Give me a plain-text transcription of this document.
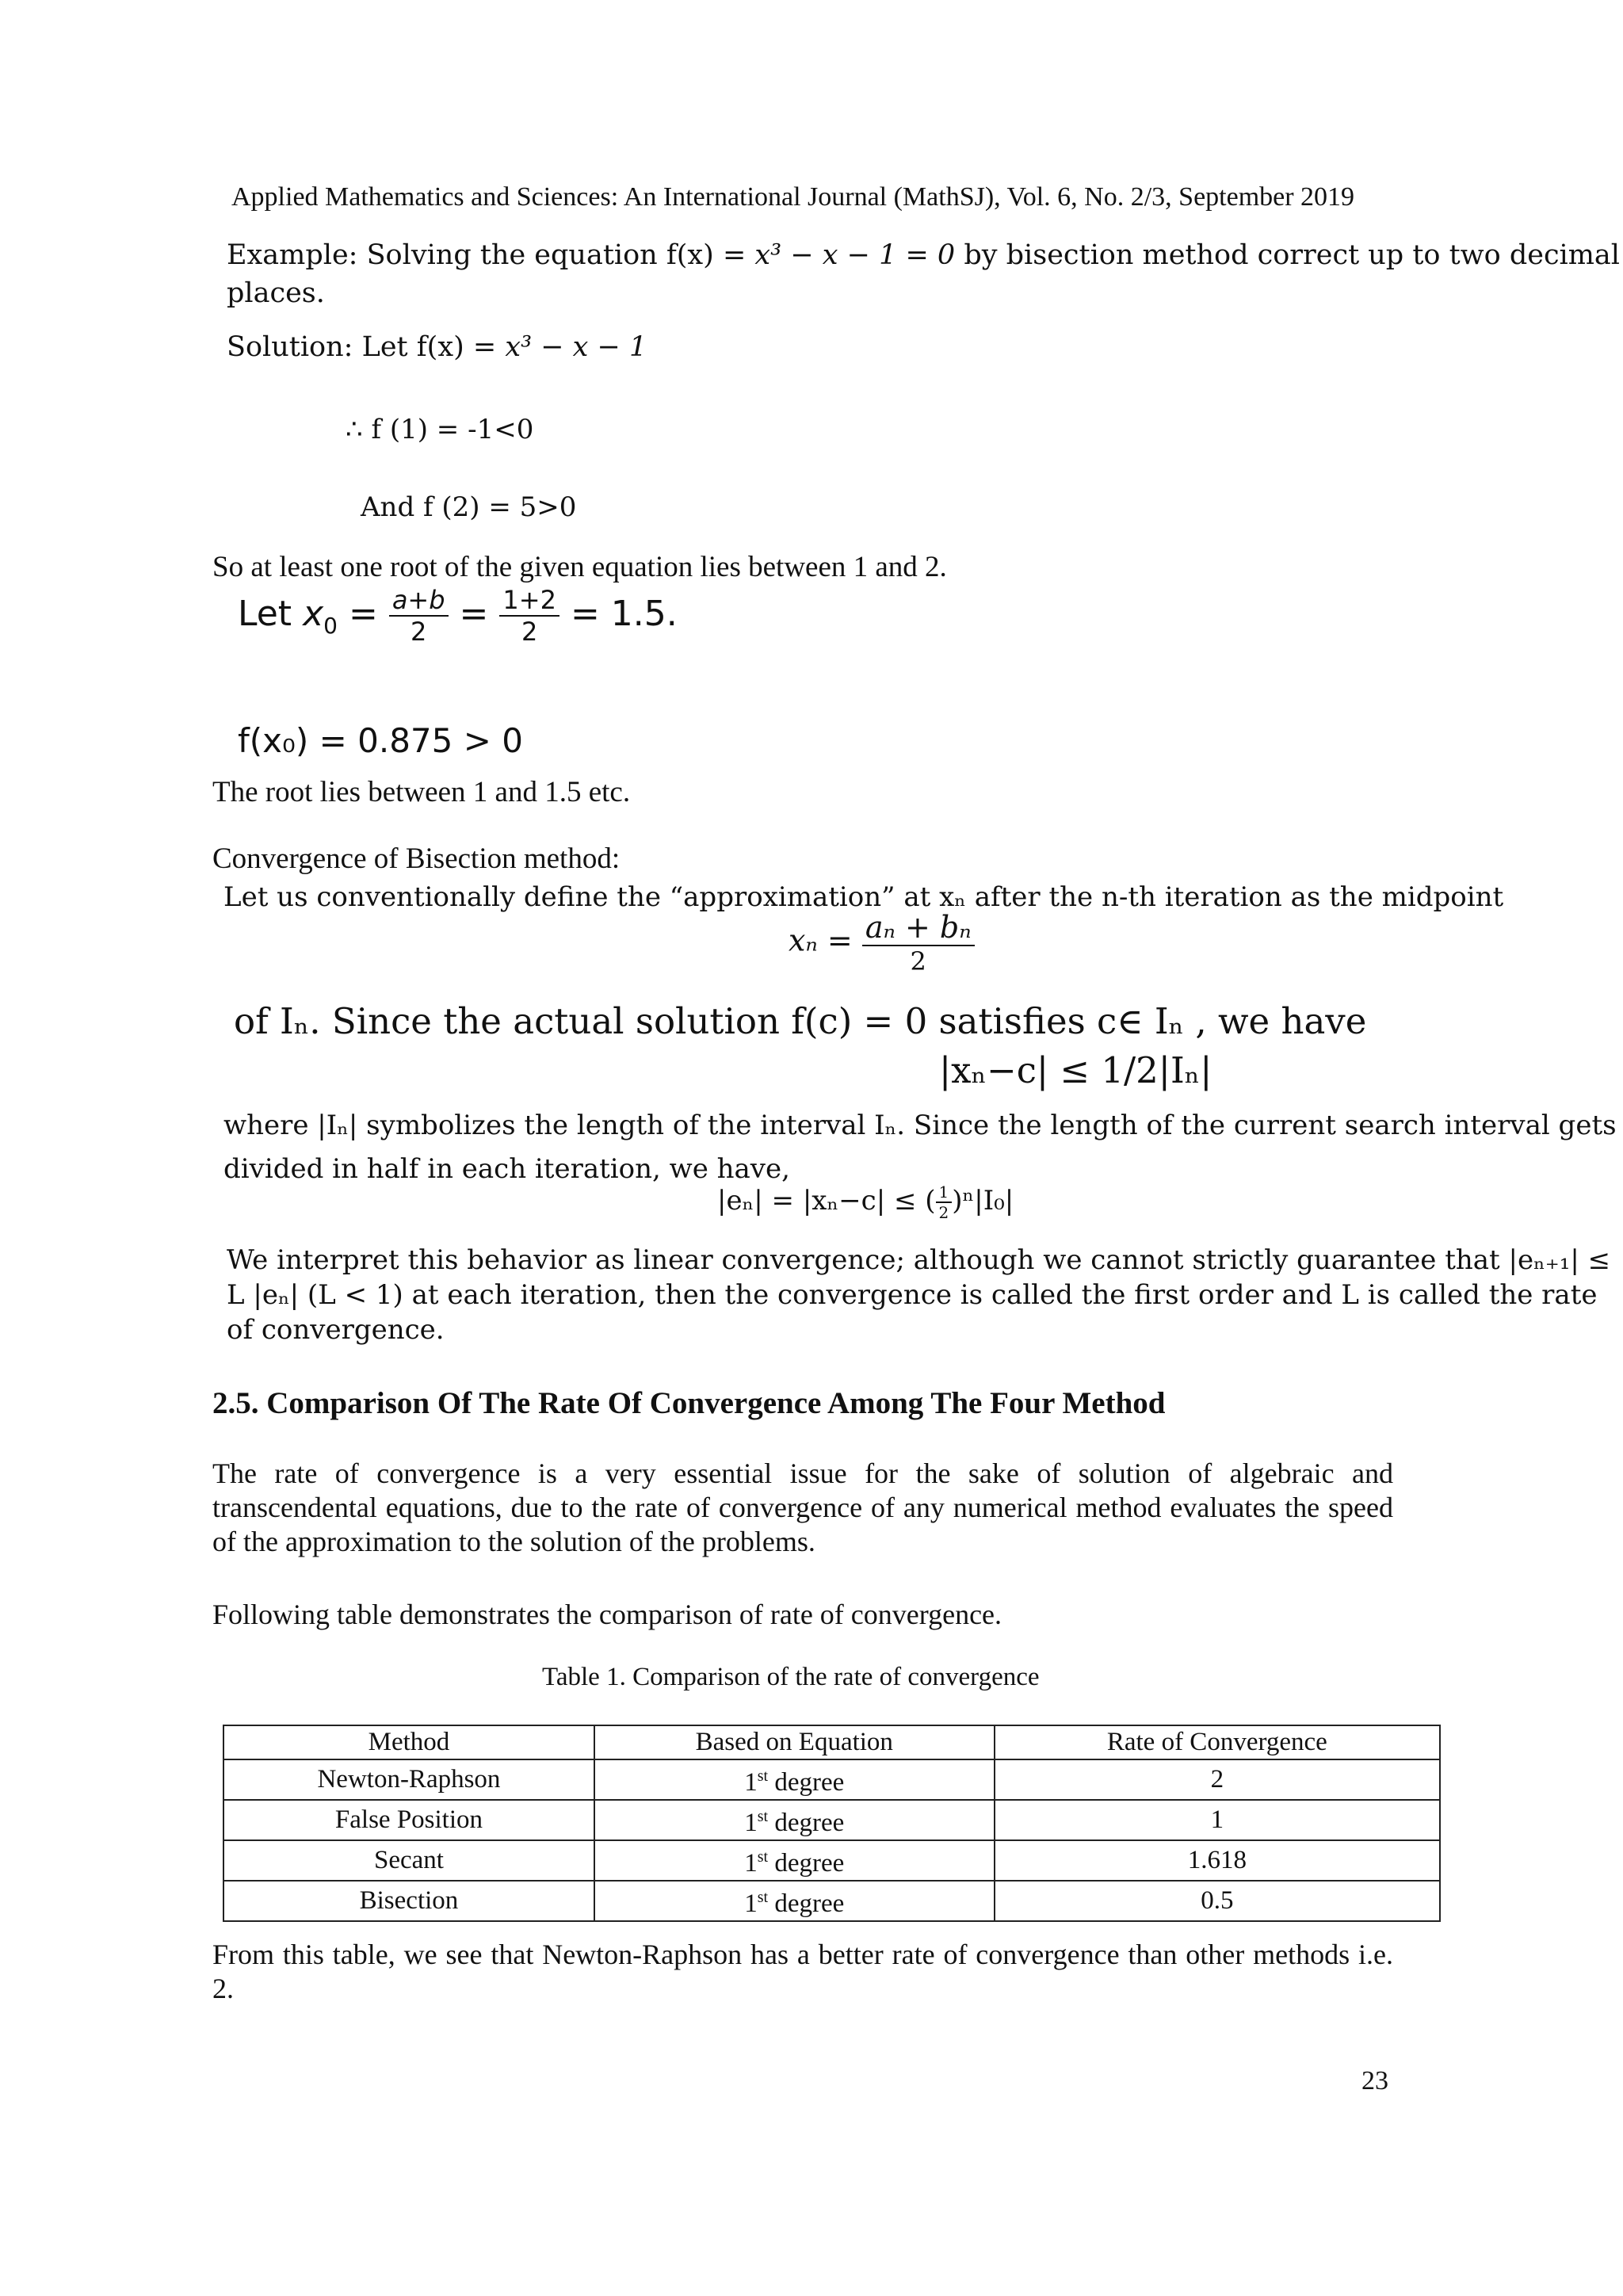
Applied Mathematics and Sciences: An International Journal (MathSJ), Vol. 6, No. 2/3, September 2019
Example: Solving the equation f(x) = x³ − x − 1 = 0 by bisection method correct up to two decimal
places.
Solution: Let f(x) = x³ − x − 1
∴ f (1) = -1<0
And f (2) = 5>0
So at least one root of the given equation lies between 1 and 2.
Let $x_0 = \frac{a+b}{2} = \frac{1+2}{2} = 1.5$.
f(x₀) = 0.875 > 0
The root lies between 1 and 1.5 etc.
Convergence of Bisection method:
Let us conventionally define the “approximation” at xₙ after the n-th iteration as the midpoint
$x_n = \frac{\text{aₙ + bₙ}}{2}$
of Iₙ. Since the actual solution f(c) = 0 satisfies c∈ Iₙ , we have
|xₙ−c| ≤ 1/2|Iₙ|
where |Iₙ| symbolizes the length of the interval Iₙ. Since the length of the current search interval gets
divided in half in each iteration, we have,
|eₙ| = |xₙ−c| ≤ ( $\frac{1}{2} )^n|I_0|$
We interpret this behavior as linear convergence; although we cannot strictly guarantee that |eₙ₊₁| ≤
L |eₙ| (L < 1) at each iteration, then the convergence is called the first order and L is called the rate
of convergence.
2.5. Comparison Of The Rate Of Convergence Among The Four Method
The rate of convergence is a very essential issue for the sake of solution of algebraic and transcendental equations, due to the rate of convergence of any numerical method evaluates the speed of the approximation to the solution of the problems.
Following table demonstrates the comparison of rate of convergence.
Table 1. Comparison of the rate of convergence
Method	Based on Equation	Rate of Convergence
Newton-Raphson	1st degree	2
False Position	1st degree	1
Secant	1st degree	1.618
Bisection	1st degree	0.5
From this table, we see that Newton-Raphson has a better rate of convergence than other methods i.e. 2.
23
